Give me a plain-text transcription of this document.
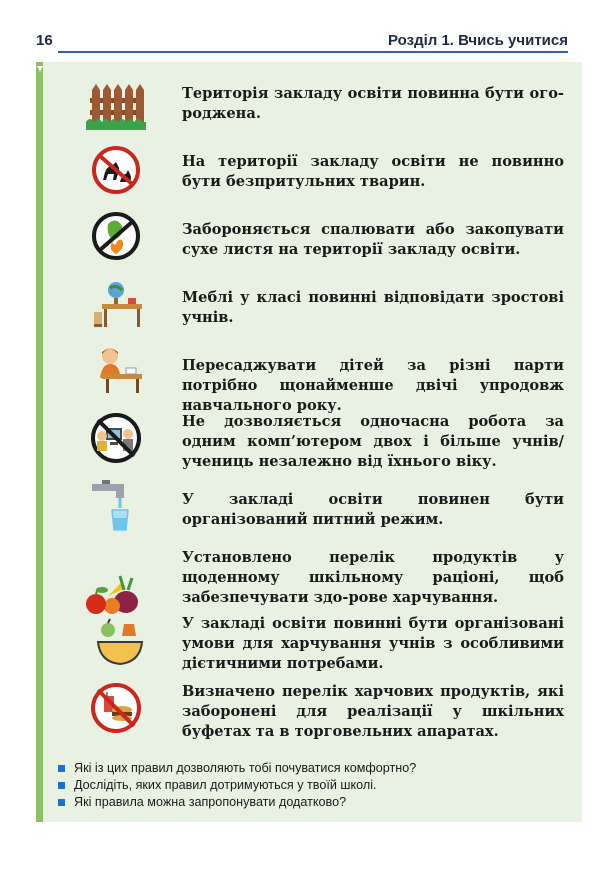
16	Розділ 1. Вчись учитися
Територія закладу освіти повинна бути ого-роджена.
На території закладу освіти не повинно бути безпритульних тварин.
Забороняється спалювати або закопувати сухе листя на території закладу освіти.
Меблі у класі повинні відповідати зростові учнів.
Пересаджувати дітей за різні парти потрібно щонайменше двічі упродовж навчального року.
Не дозволяється одночасна робота за одним комп’ютером двох і більше учнів/учениць незалежно від їхнього віку.
У закладі освіти повинен бути організований питний режим.
Установлено перелік продуктів у щоденному шкільному раціоні, щоб забезпечувати здо-рове харчування.
У закладі освіти повинні бути організовані умови для харчування учнів з особливими дієтичними потребами.
Визначено перелік харчових продуктів, які заборонені для реалізації у шкільних буфетах та в торговельних апаратах.
Які із цих правил дозволяють тобі почуватися комфортно?
Дослідіть, яких правил дотримуються у твоїй школі.
Які правила можна запропонувати додатково?
